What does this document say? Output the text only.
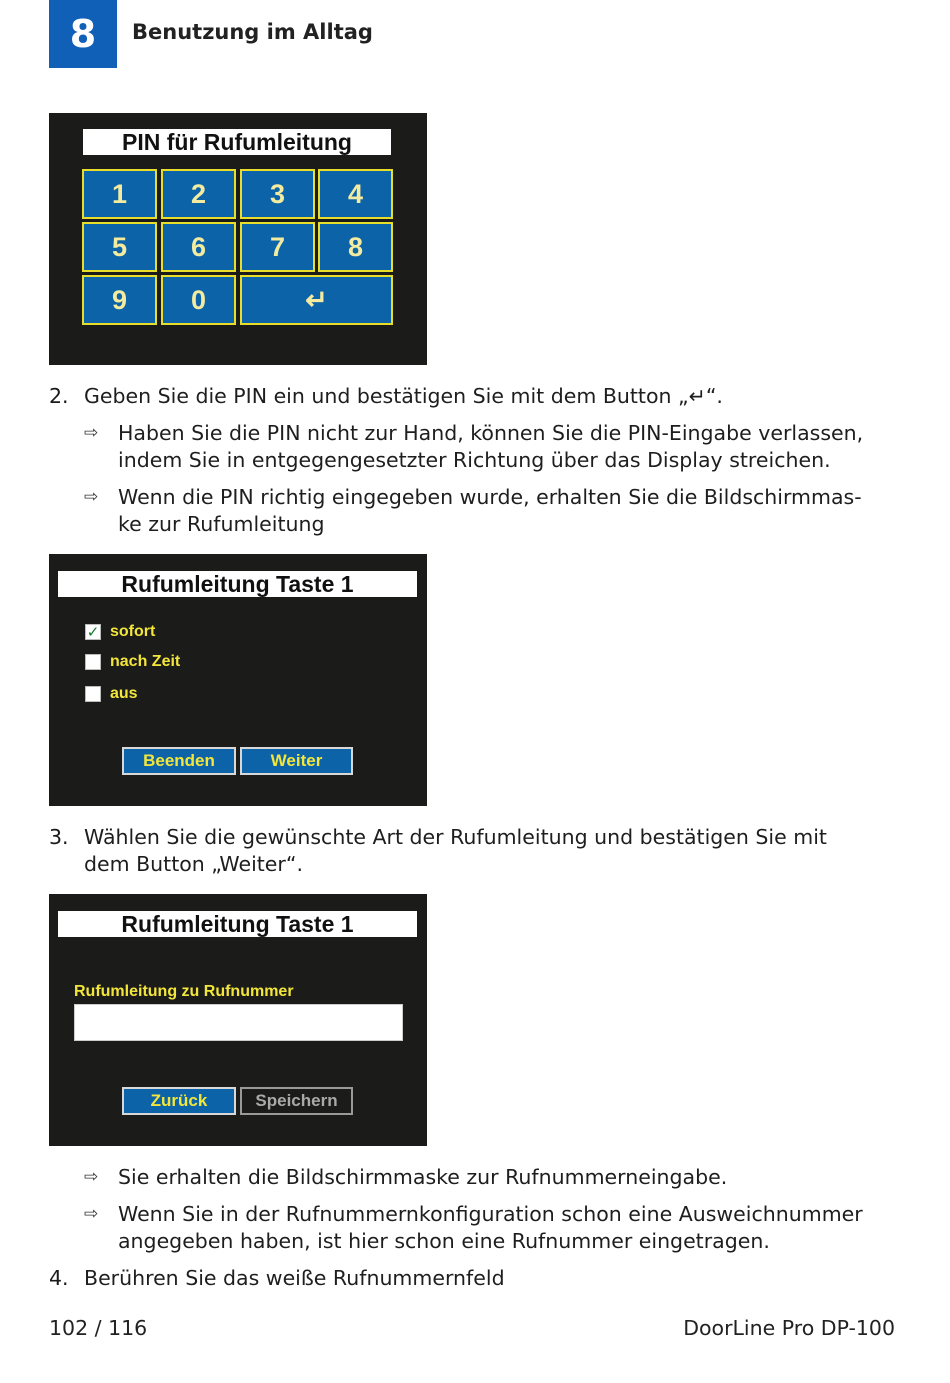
8	Benutzung im Alltag
PIN für Rufumleitung
1	2	3	4
5	6	7	8
9	0	↵
2. Geben Sie die PIN ein und bestätigen Sie mit dem Button „↵“.
⇨ Haben Sie die PIN nicht zur Hand, können Sie die PIN-Eingabe verlassen,
indem Sie in entgegengesetzter Richtung über das Display streichen.
⇨ Wenn die PIN richtig eingegeben wurde, erhalten Sie die Bildschirmmas-
ke zur Rufumleitung
Rufumleitung Taste 1
✓ sofort
nach Zeit
aus
Beenden	Weiter
3. Wählen Sie die gewünschte Art der Rufumleitung und bestätigen Sie mit
dem Button „Weiter“.
Rufumleitung Taste 1
Rufumleitung zu Rufnummer
Zurück	Speichern
⇨ Sie erhalten die Bildschirmmaske zur Rufnummerneingabe.
⇨ Wenn Sie in der Rufnummernkonfiguration schon eine Ausweichnummer
angegeben haben, ist hier schon eine Rufnummer eingetragen.
4. Berühren Sie das weiße Rufnummernfeld
102 / 116	DoorLine Pro DP-100
